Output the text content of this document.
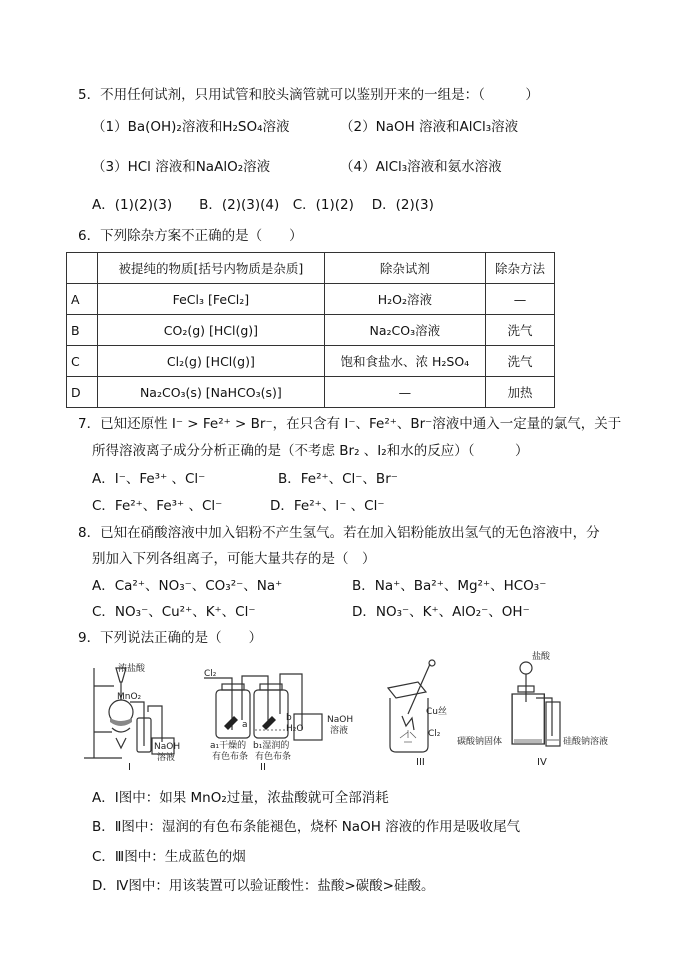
5．不用任何试剂，只用试管和胶头滴管就可以鉴别开来的一组是：（　　　）
（1）Ba(OH)₂溶液和H₂SO₄溶液	（2）NaOH 溶液和AlCl₃溶液
（3）HCl 溶液和NaAlO₂溶液	（4）AlCl₃溶液和氨水溶液
A．(1)(2)(3)　　B．(2)(3)(4)　C．(1)(2)　 D．(2)(3)
6．下列除杂方案不正确的是（　　）
	被提纯的物质[括号内物质是杂质]	除杂试剂	除杂方法
A	FeCl₃ [FeCl₂]	H₂O₂溶液	—
B	CO₂(g) [HCl(g)]	Na₂CO₃溶液	洗气
C	Cl₂(g) [HCl(g)]	饱和食盐水、浓 H₂SO₄	洗气
D	Na₂CO₃(s) [NaHCO₃(s)]	—	加热
7．已知还原性 I⁻ > Fe²⁺ > Br⁻，在只含有 I⁻、Fe²⁺、Br⁻溶液中通入一定量的氯气，关于
所得溶液离子成分分析正确的是（不考虑 Br₂ 、I₂和水的反应）（　　　）
A．I⁻、Fe³⁺ 、Cl⁻	B．Fe²⁺、Cl⁻、Br⁻
C．Fe²⁺、Fe³⁺ 、Cl⁻	D．Fe²⁺、I⁻ 、Cl⁻
8．已知在硝酸溶液中加入铝粉不产生氢气。若在加入铝粉能放出氢气的无色溶液中，分
别加入下列各组离子，可能大量共存的是（　）
A．Ca²⁺、NO₃⁻、CO₃²⁻、Na⁺	B．Na⁺、Ba²⁺、Mg²⁺、HCO₃⁻
C．NO₃⁻、Cu²⁺、K⁺、Cl⁻	D．NO₃⁻、K⁺、AlO₂⁻、OH⁻
9．下列说法正确的是（　　）
浓盐酸
MnO₂
NaOH
溶液
I
Cl₂
a
b
H₂O
NaOH
溶液
a₁干燥的
有色布条
b₁湿润的
有色布条
II
Cu丝
Cl₂
III
盐酸
碳酸钠固体	硅酸钠溶液
IV
A．Ⅰ图中：如果 MnO₂过量，浓盐酸就可全部消耗
B．Ⅱ图中：湿润的有色布条能褪色，烧杯 NaOH 溶液的作用是吸收尾气
C．Ⅲ图中：生成蓝色的烟
D．Ⅳ图中：用该装置可以验证酸性：盐酸>碳酸>硅酸。
